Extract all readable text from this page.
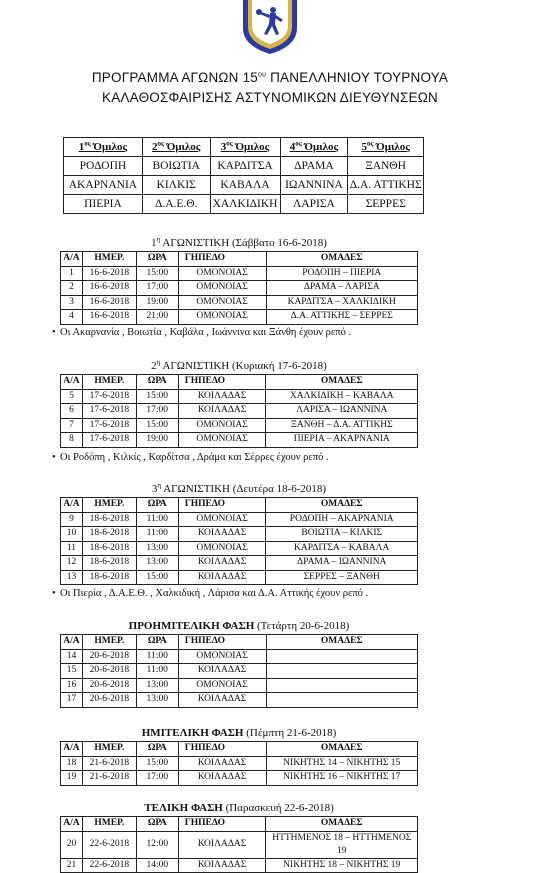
ΠΡΟΓΡΑΜΜΑ ΑΓΩΝΩΝ $15^{o\upsilon}$ ΠΑΝΕΛΛΗΝΙΟΥ ΤΟΥΡΝΟΥΑ
ΚΑΛΑΘΟΣΦΑΙΡΙΣΗΣ ΑΣΤΥΝΟΜΙΚΩΝ ΔΙΕΥΘΥΝΣΕΩΝ
$1^{o\varsigma}$ Όμιλος	$2^{o\varsigma}$ Όμιλος	$3^{o\varsigma}$ Όμιλος	$4^{o\varsigma}$ Όμιλος	$5^{o\varsigma}$ Όμιλος
ΡΟΔΟΠΗ	ΒΟΙΩΤΙΑ	ΚΑΡΔΙΤΣΑ	ΔΡΑΜΑ	ΞΑΝΘΗ
ΑΚΑΡΝΑΝΙΑ	ΚΙΛΚΙΣ	ΚΑΒΑΛΑ	ΙΩΑΝΝΙΝΑ	Δ.Α. ΑΤΤΙΚΗΣ
ΠΙΕΡΙΑ	Δ.Α.Ε.Θ.	ΧΑΛΚΙΔΙΚΗ	ΛΑΡΙΣΑ	ΣΕΡΡΕΣ
$1^\eta$ ΑΓΩΝΙΣΤΙΚΗ (Σάββατο 16-6-2018)
Α/Α	ΗΜΕΡ.	ΩΡΑ	ΓΗΠΕΔΟ	ΟΜΑΔΕΣ
1	16-6-2018	15:00	ΟΜΟΝΟΙΑΣ	ΡΟΔΟΠΗ – ΠΙΕΡΙΑ
2	16-6-2018	17:00	ΟΜΟΝΟΙΑΣ	ΔΡΑΜΑ – ΛΑΡΙΣΑ
3	16-6-2018	19:00	ΟΜΟΝΟΙΑΣ	ΚΑΡΔΙΤΣΑ – ΧΑΛΚΙΔΙΚΗ
4	16-6-2018	21:00	ΟΜΟΝΟΙΑΣ	Δ.Α. ΑΤΤΙΚΗΣ – ΣΕΡΡΕΣ
• Οι Ακαρνανία , Βοιωτία , Καβάλα , Ιωάννινα και Ξάνθη έχουν ρεπό .
$2^\eta$ ΑΓΩΝΙΣΤΙΚΗ (Κυριακή 17-6-2018)
Α/Α	ΗΜΕΡ.	ΩΡΑ	ΓΗΠΕΔΟ	ΟΜΑΔΕΣ
5	17-6-2018	15:00	ΚΟΙΛΑΔΑΣ	ΧΑΛΚΙΔΙΚΗ – ΚΑΒΑΛΑ
6	17-6-2018	17:00	ΚΟΙΛΑΔΑΣ	ΛΑΡΙΣΑ – ΙΩΑΝΝΙΝΑ
7	17-6-2018	15:00	ΟΜΟΝΟΙΑΣ	ΞΑΝΘΗ – Δ.Α. ΑΤΤΙΚΗΣ
8	17-6-2018	19:00	ΟΜΟΝΟΙΑΣ	ΠΙΕΡΙΑ – ΑΚΑΡΝΑΝΙΑ
• Οι Ροδόπη , Κιλκίς , Καρδίτσα , Δράμα και Σέρρες έχουν ρεπό .
$3^\eta$ ΑΓΩΝΙΣΤΙΚΗ (Δευτέρα 18-6-2018)
Α/Α	ΗΜΕΡ.	ΩΡΑ	ΓΗΠΕΔΟ	ΟΜΑΔΕΣ
9	18-6-2018	11:00	ΟΜΟΝΟΙΑΣ	ΡΟΔΟΠΗ – ΑΚΑΡΝΑΝΙΑ
10	18-6-2018	11:00	ΚΟΙΛΑΔΑΣ	ΒΟΙΩΤΙΑ – ΚΙΛΚΙΣ
11	18-6-2018	13:00	ΟΜΟΝΟΙΑΣ	ΚΑΡΔΙΤΣΑ – ΚΑΒΑΛΑ
12	18-6-2018	13:00	ΚΟΙΛΑΔΑΣ	ΔΡΑΜΑ – ΙΩΑΝΝΙΝΑ
13	18-6-2018	15:00	ΚΟΙΛΑΔΑΣ	ΣΕΡΡΕΣ – ΞΑΝΘΗ
• Οι Πιερία , Δ.Α.Ε.Θ. , Χαλκιδική , Λάρισα και Δ.Α. Αττικής έχουν ρεπό .
ΠΡΟΗΜΙΤΕΛΙΚΗ ΦΑΣΗ (Τετάρτη 20-6-2018)
Α/Α	ΗΜΕΡ.	ΩΡΑ	ΓΗΠΕΔΟ	ΟΜΑΔΕΣ
14	20-6-2018	11:00	ΟΜΟΝΟΙΑΣ	
15	20-6-2018	11:00	ΚΟΙΛΑΔΑΣ	
16	20-6-2018	13:00	ΟΜΟΝΟΙΑΣ	
17	20-6-2018	13:00	ΚΟΙΛΑΔΑΣ	
ΗΜΙΤΕΛΙΚΗ ΦΑΣΗ (Πέμπτη 21-6-2018)
Α/Α	ΗΜΕΡ.	ΩΡΑ	ΓΗΠΕΔΟ	ΟΜΑΔΕΣ
18	21-6-2018	15:00	ΚΟΙΛΑΔΑΣ	ΝΙΚΗΤΗΣ 14 – ΝΙΚΗΤΗΣ 15
19	21-6-2018	17:00	ΚΟΙΛΑΔΑΣ	ΝΙΚΗΤΗΣ 16 – ΝΙΚΗΤΗΣ 17
ΤΕΛΙΚΗ ΦΑΣΗ (Παρασκευή 22-6-2018)
Α/Α	ΗΜΕΡ.	ΩΡΑ	ΓΗΠΕΔΟ	ΟΜΑΔΕΣ
20	22-6-2018	12:00	ΚΟΙΛΑΔΑΣ	ΗΤΤΗΜΕΝΟΣ 18 – ΗΤΤΗΜΕΝΟΣ 19
21	22-6-2018	14:00	ΚΟΙΛΑΔΑΣ	ΝΙΚΗΤΗΣ 18 – ΝΙΚΗΤΗΣ 19
